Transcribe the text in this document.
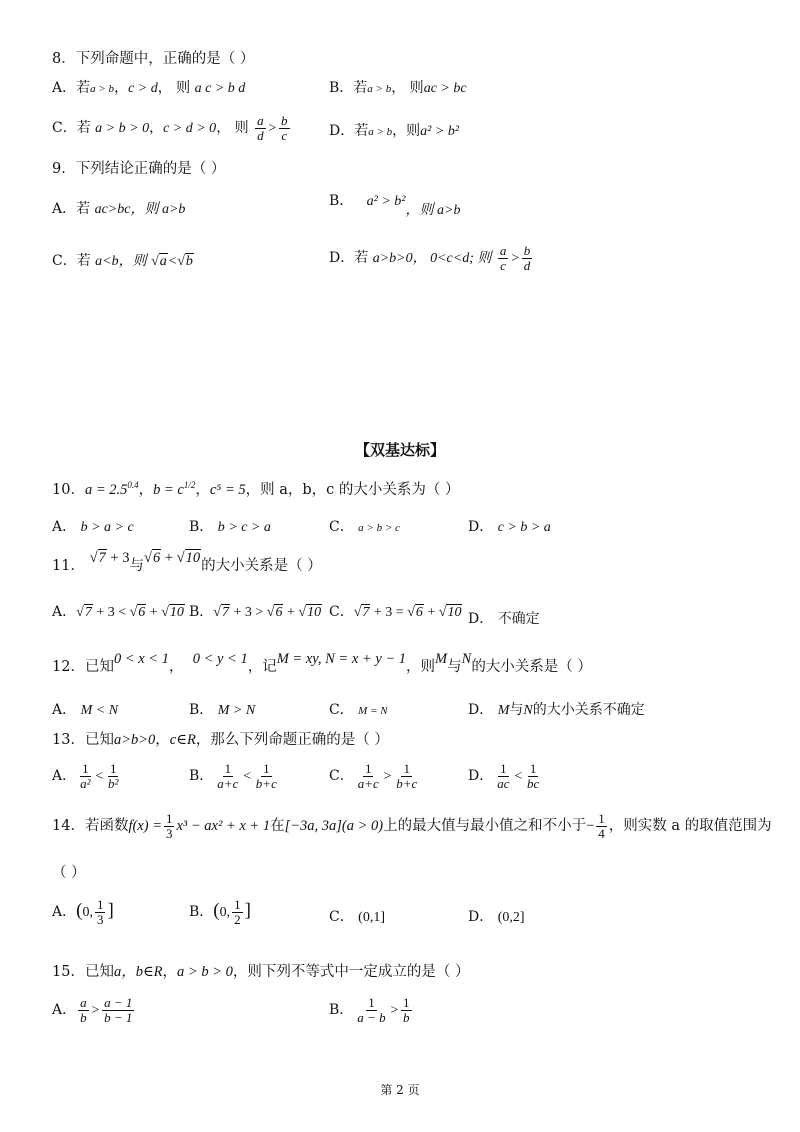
8．下列命题中，正确的是（ ）
A．若a > b，c > d， 则 a c > b d	B．若a > b， 则ac > bc
C．若 a > b > 0，c > d > 0， 则 $\frac{a}{d} > \frac{b}{c}$	D．若a > b，则a² > b²
9．下列结论正确的是（ ）
A．若 ac>bc，则 a>b
B． a² > b²，则 a>b
C．若 a<b，则 √a<√b	D．若 a>b>0， 0<c<d; 则 $\frac{a}{c} > \frac{b}{d}$
【双基达标】
10．$a = 2.5^{0.4}$，$b = c^{1/2}$，c⁵ = 5，则 a，b，c 的大小关系为（ ）
A． b > a > c	B． b > c > a	C． a > b > c	D． c > b > a
11． √7 + 3与√6 + √10的大小关系是（ ）
A．√7 + 3 < √6 + √10 B．√7 + 3 > √6 + √10 C．√7 + 3 = √6 + √10 D． 不确定
12．已知0 < x < 1， 0 < y < 1，记M = xy, N = x + y − 1，则M与N的大小关系是（ ）
A． M < N	B． M > N	C． M = N	D． M与N的大小关系不确定
13．已知a>b>0，c∈R，那么下列命题正确的是（ ）
A． $\frac{1}{\text{a²}} < \frac{1}{\text{b²}}$	B． $\frac{1}{a+c} < \frac{1}{b+c}$	C． $\frac{1}{a+c} > \frac{1}{b+c}$	D． $\frac{1}{ac} < \frac{1}{bc}$
14．若函数$f(x) = \frac{1}{3} x^3 - ax^2 + x + 1$在[−3a, 3a](a > 0)上的最大值与最小值之和不小于− $\frac{1}{4}$ ，则实数 a 的取值范围为
（ ）
A．(0, $\frac{1}{3}$ ]	B．(0, $\frac{1}{2}$ ]	C． (0,1]	D． (0,2]
15．已知a，b∈R，a > b > 0，则下列不等式中一定成立的是（ ）
A． $\frac{a}{b} > \frac{a - 1}{b - 1}$	B． $\frac{1}{a - b} > \frac{1}{b}$
第 2 页
